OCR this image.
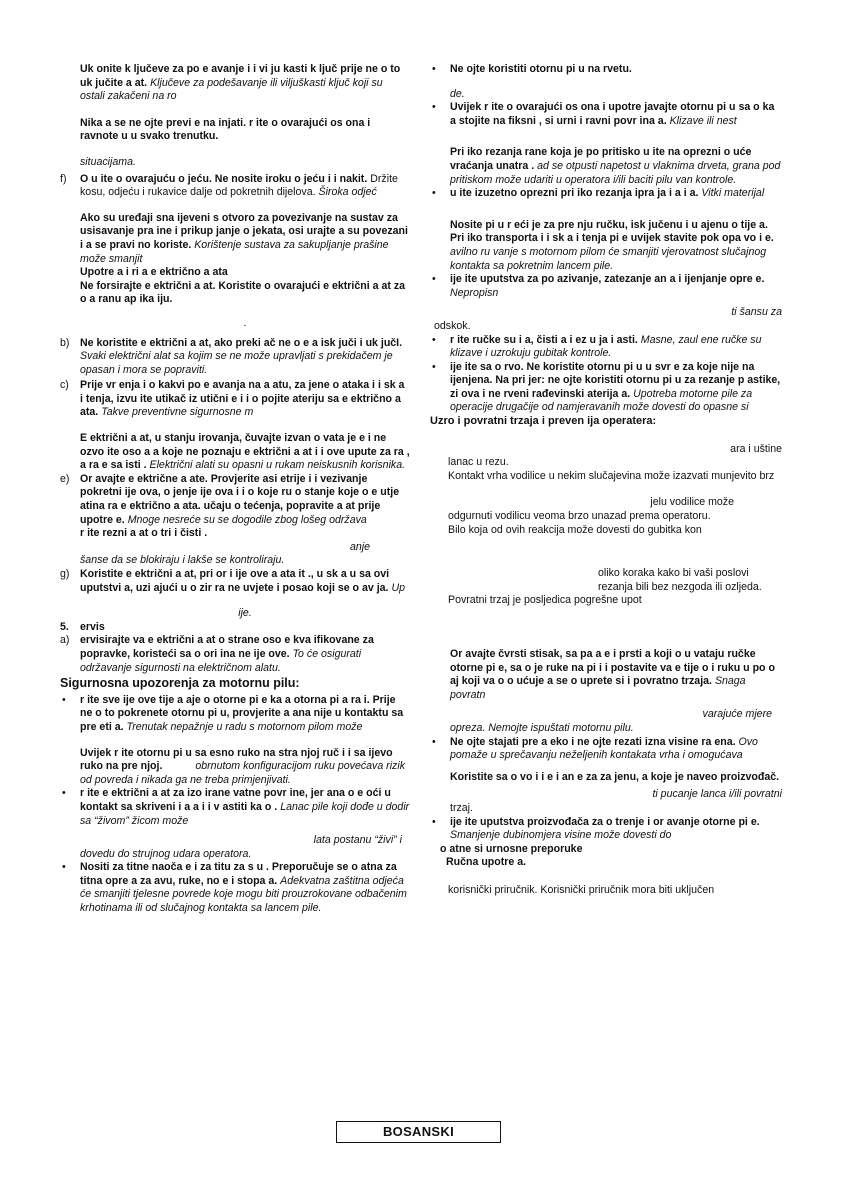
Uk onite k ljučeve za po e avanje i i vi ju kasti k ljuč prije ne o to uk jučite a at. Ključeve za podešavanje ili viljuškasti ključ koji su ostali zakačeni na ro
Nika a se ne ojte previ e na injati. r ite o ovarajući os ona i ravnote u u svako trenutku.
situacijama.
f) O u ite o ovarajuću o jeću. Ne nosite iroku o jeću i i nakit. Držite kosu, odjeću i rukavice dalje od pokretnih dijelova. Široka odjeć
Ako su uređaji sna ijeveni s otvoro za povezivanje na sustav za usisavanje pra ine i prikup janje o jekata, osi urajte a su povezani i a se pravi no koriste. Korištenje sustava za sakupljanje prašine može smanjit
Upotre a i ri a e ektrično a ata
Ne forsirajte e ektrični a at. Koristite o ovarajući e ektrični a at za o a ranu ap ika iju.
.
b) Ne koristite e ektrični a at, ako preki ač ne o e a isk juči i uk jučI. Svaki električni alat sa kojim se ne može upravljati s prekidačem je opasan i mora se popraviti.
c) Prije vr enja i o kakvi po e avanja na a atu, za jene o ataka i i sk a i tenja, izvu ite utikač iz utični e i i o pojite ateriju sa e ektrično a ata. Takve preventivne sigurnosne m
E ektrični a at, u stanju irovanja, čuvajte izvan o vata je e i ne ozvo ite oso a a koje ne poznaju e ektrični a at i i ove upute za ra , a ra e sa isti . Električni alati su opasni u rukam neiskusnih korisnika.
e) Or avajte e ektrične a ate. Provjerite asi etrije i i vezivanje pokretni ije ova, o jenje ije ova i i o koje ru o stanje koje o e utje atina ra e ektrično a ata. učaju o tećenja, popravite a at prije upotre e. Mnoge nesreće su se dogodile zbog lošeg održava
r ite rezni a at o tri i čisti .
anje
šanse da se blokiraju i lakše se kontroliraju.
g) Koristite e ektrični a at, pri or i ije ove a ata it ., u sk a u sa ovi uputstvi a, uzi ajući u o zir ra ne uvjete i posao koji se o av ja. Up
ije.
5. ervis
a) ervisirajte va e ektrični a at o strane oso e kva ifikovane za popravke, koristeći sa o ori ina ne ije ove. To će osigurati održavanje sigurnosti na električnom alatu.
Sigurnosna upozorenja za motornu pilu:
• r ite sve ije ove tije a aje o otorne pi e ka a otorna pi a ra i. Prije ne o to pokrenete otornu pi u, provjerite a ana nije u kontaktu sa pre eti a. Trenutak nepažnje u radu s motornom pilom može
Uvijek r ite otornu pi u sa esno ruko na stra njoj ruč i i sa ijevo ruko na pre njoj.	obrnutom konfiguracijom ruku povećava rizik od povreda i nikada ga ne treba primjenjivati.
• r ite e ektrični a at za izo irane vatne povr ine, jer ana o e oći u kontakt sa skriveni i a a i i v astiti ka o . Lanac pile koji dođe u dodir sa “živom” žicom može
lata postanu “živi” i
dovedu do strujnog udara operatora.
• Nositi za titne naoča e i za titu za s u . Preporučuje se o atna za titna opre a za avu, ruke, no e i stopa a. Adekvatna zaštitna odjeća će smanjiti tjelesne povrede koje mogu biti prouzrokovane odbačenim krhotinama ili od slučajnog kontakta sa lancem pile.
• Ne ojte koristiti otornu pi u na rvetu.
de.
• Uvijek r ite o ovarajući os ona i upotre javajte otornu pi u sa o ka a stojite na fiksni , si urni i ravni povr ina a. Klizave ili nest
Pri iko rezanja rane koja je po pritisko u ite na oprezni o uće vraćanja unatra . ad se otpusti napetost u vlaknima drveta, grana pod pritiskom može udariti u operatora i/ili baciti pilu van kontrole.
• u ite izuzetno oprezni pri iko rezanja ipra ja i a i a. Vitki materijal
Nosite pi u r eći je za pre nju ručku, isk jučenu i u ajenu o tije a. Pri iko transporta i i sk a i tenja pi e uvijek stavite pok opa vo i e. avilno ru vanje s motornom pilom će smanjiti vjerovatnost slučajnog kontakta sa pokretnim lancem pile.
• ije ite uputstva za po azivanje, zatezanje an a i ijenjanje opre e. Nepropisn
ti šansu za
odskok.
• r ite ručke su i a, čisti a i ez u ja i asti. Masne, zaul ene ručke su klizave i uzrokuju gubitak kontrole.
• ije ite sa o rvo. Ne koristite otornu pi u u svr e za koje nije na ijenjena. Na pri jer: ne ojte koristiti otornu pi u za rezanje p astike, zi ova i ne rveni rađevinski aterija a. Upotreba motorne pile za operacije drugačije od namjeravanih može dovesti do opasne si
Uzro i povratni trzaja i preven ija operatera:
ara i uštine
lanac u rezu.
Kontakt vrha vodilice u nekim slučajevina može izazvati munjevito brz
jelu vodilice može
odgurnuti vodilicu veoma brzo unazad prema operatoru.
Bilo koja od ovih reakcija može dovesti do gubitka kon
oliko koraka kako bi vaši poslovi rezanja bili bez nezgoda ili ozljeda.
Povratni trzaj je posljedica pogrešne upot
Or avajte čvrsti stisak, sa pa a e i prsti a koji o u vataju ručke otorne pi e, sa o je ruke na pi i i postavite va e tije o i ruku u po o aj koji va o o ućuje a se o uprete si i povratno trzaja. Snaga povratn
varajuće mjere
opreza. Nemojte ispuštati motornu pilu.
• Ne ojte stajati pre a eko i ne ojte rezati izna visine ra ena. Ovo pomaže u sprečavanju neželjenih kontakata vrha i omogućava
Koristite sa o vo i i e i an e za za jenu, a koje je naveo proizvođač.
ti pucanje lanca i/ili povratni
trzaj.
• ije ite uputstva proizvođača za o trenje i or avanje otorne pi e. Smanjenje dubinomjera visine može dovesti do
o atne si urnosne preporuke
Ručna upotre a.
korisnički priručnik. Korisnički priručnik mora biti uključen
BOSANSKI
